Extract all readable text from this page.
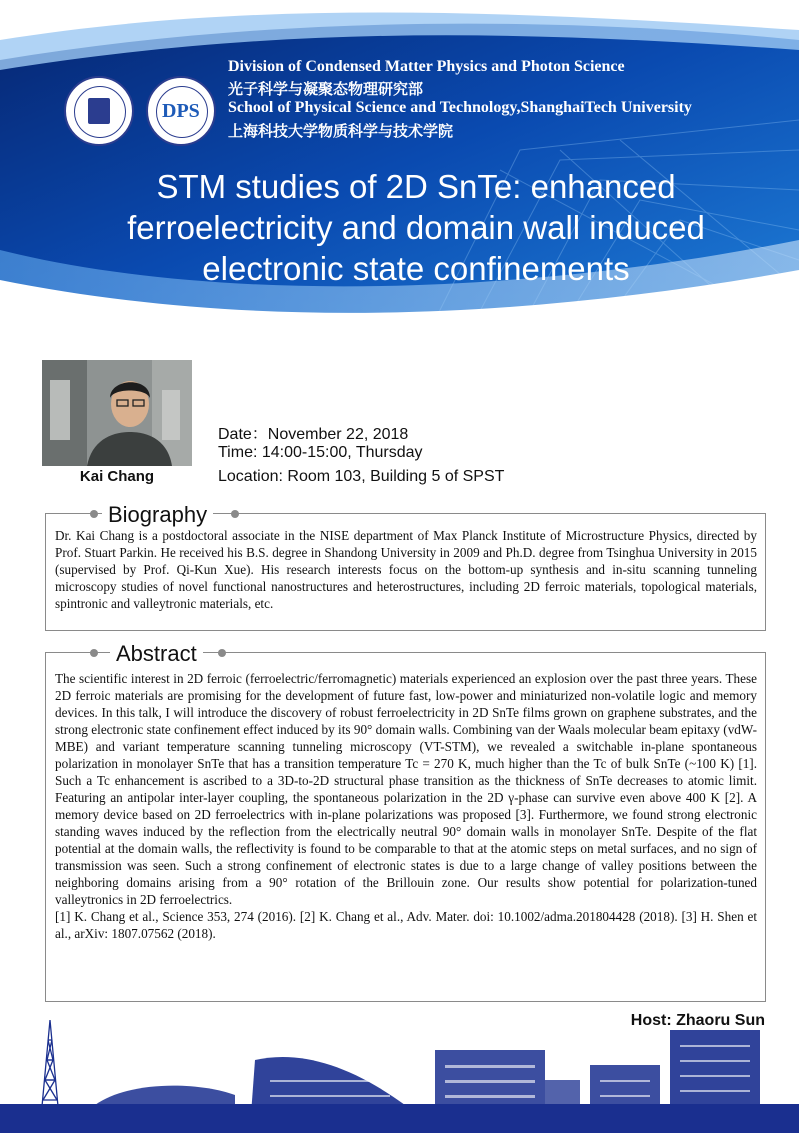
DPS
Division of Condensed Matter Physics and Photon Science
光子科学与凝聚态物理研究部
School of Physical Science and Technology,ShanghaiTech University
上海科技大学物质科学与技术学院
STM studies of 2D SnTe: enhanced
ferroelectricity and domain wall induced
electronic state confinements
Kai Chang
Date：November 22, 2018
Time: 14:00-15:00, Thursday
Location: Room 103, Building 5 of SPST
Biography
Dr. Kai Chang is a postdoctoral associate in the NISE department of Max Planck Institute of Microstructure Physics, directed by Prof. Stuart Parkin. He received his B.S. degree in Shandong University in 2009 and Ph.D. degree from Tsinghua University in 2015 (supervised by Prof. Qi-Kun Xue). His research interests focus on the bottom-up synthesis and in-situ scanning tunneling microscopy studies of novel functional nanostructures and heterostructures, including 2D ferroic materials, topological materials, spintronic and valleytronic materials, etc.
Abstract
The scientific interest in 2D ferroic (ferroelectric/ferromagnetic) materials experienced an explosion over the past three years. These 2D ferroic materials are promising for the development of future fast, low-power and miniaturized non-volatile logic and memory devices. In this talk, I will introduce the discovery of robust ferroelectricity in 2D SnTe films grown on graphene substrates, and the strong electronic state confinement effect induced by its 90° domain walls. Combining van der Waals molecular beam epitaxy (vdW-MBE) and variant temperature scanning tunneling microscopy (VT-STM), we revealed a switchable in-plane spontaneous polarization in monolayer SnTe that has a transition temperature Tc = 270 K, much higher than the Tc of bulk SnTe (~100 K) [1]. Such a Tc enhancement is ascribed to a 3D-to-2D structural phase transition as the thickness of SnTe decreases to atomic limit. Featuring an antipolar inter-layer coupling, the spontaneous polarization in the 2D γ-phase can survive even above 400 K [2]. A memory device based on 2D ferroelectrics with in-plane polarizations was proposed [3]. Furthermore, we found strong electronic standing waves induced by the reflection from the electrically neutral 90° domain walls in monolayer SnTe. Despite of the flat potential at the domain walls, the reflectivity is found to be comparable to that at the atomic steps on metal surfaces, and no sign of transmission was seen. Such a strong confinement of electronic states is due to a large change of valley positions between the neighboring domains arising from a 90° rotation of the Brillouin zone. Our results show potential for polarization-tuned valleytronics in 2D ferroelectrics.
[1] K. Chang et al., Science 353, 274 (2016). [2] K. Chang et al., Adv. Mater. doi: 10.1002/adma.201804428 (2018). [3] H. Shen et al., arXiv: 1807.07562 (2018).
Host: Zhaoru Sun
